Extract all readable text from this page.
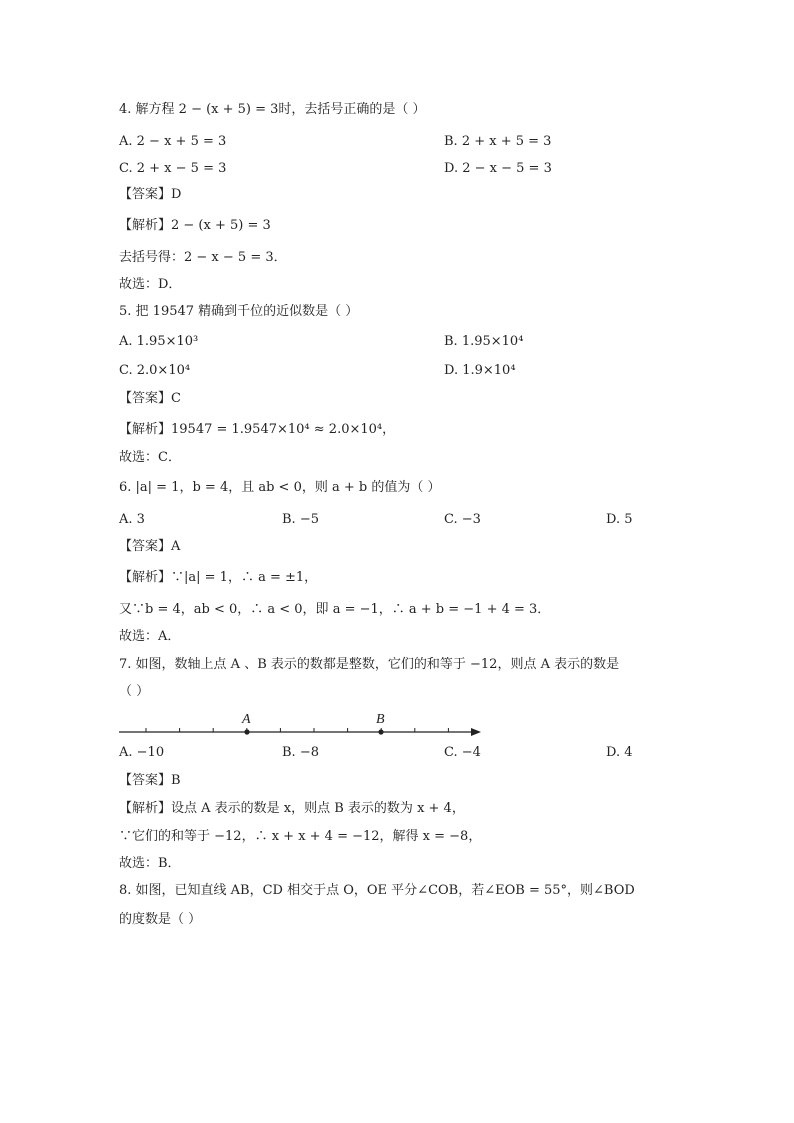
4. 解方程 2 − (x + 5) = 3时，去括号正确的是（ ）
A. 2 − x + 5 = 3	B. 2 + x + 5 = 3
C. 2 + x − 5 = 3	D. 2 − x − 5 = 3
【答案】D
【解析】2 − (x + 5) = 3
去括号得：2 − x − 5 = 3．
故选：D．
5. 把 19547 精确到千位的近似数是（ ）
A. 1.95×10³	B. 1.95×10⁴
C. 2.0×10⁴	D. 1.9×10⁴
【答案】C
【解析】19547 = 1.9547×10⁴ ≈ 2.0×10⁴，
故选：C．
6. |a| = 1，b = 4，且 ab < 0，则 a + b 的值为（ ）
A. 3	B. −5	C. −3	D. 5
【答案】A
【解析】∵|a| = 1，∴ a = ±1，
又∵b = 4，ab < 0，∴ a < 0，即 a = −1，∴ a + b = −1 + 4 = 3．
故选：A．
7. 如图，数轴上点 A 、B 表示的数都是整数，它们的和等于 −12，则点 A 表示的数是
（ ）
A	B
A. −10	B. −8	C. −4	D. 4
【答案】B
【解析】设点 A 表示的数是 x，则点 B 表示的数为 x + 4，
∵它们的和等于 −12，∴ x + x + 4 = −12，解得 x = −8，
故选：B．
8. 如图，已知直线 AB，CD 相交于点 O，OE 平分∠COB，若∠EOB = 55°，则∠BOD
的度数是（ ）
